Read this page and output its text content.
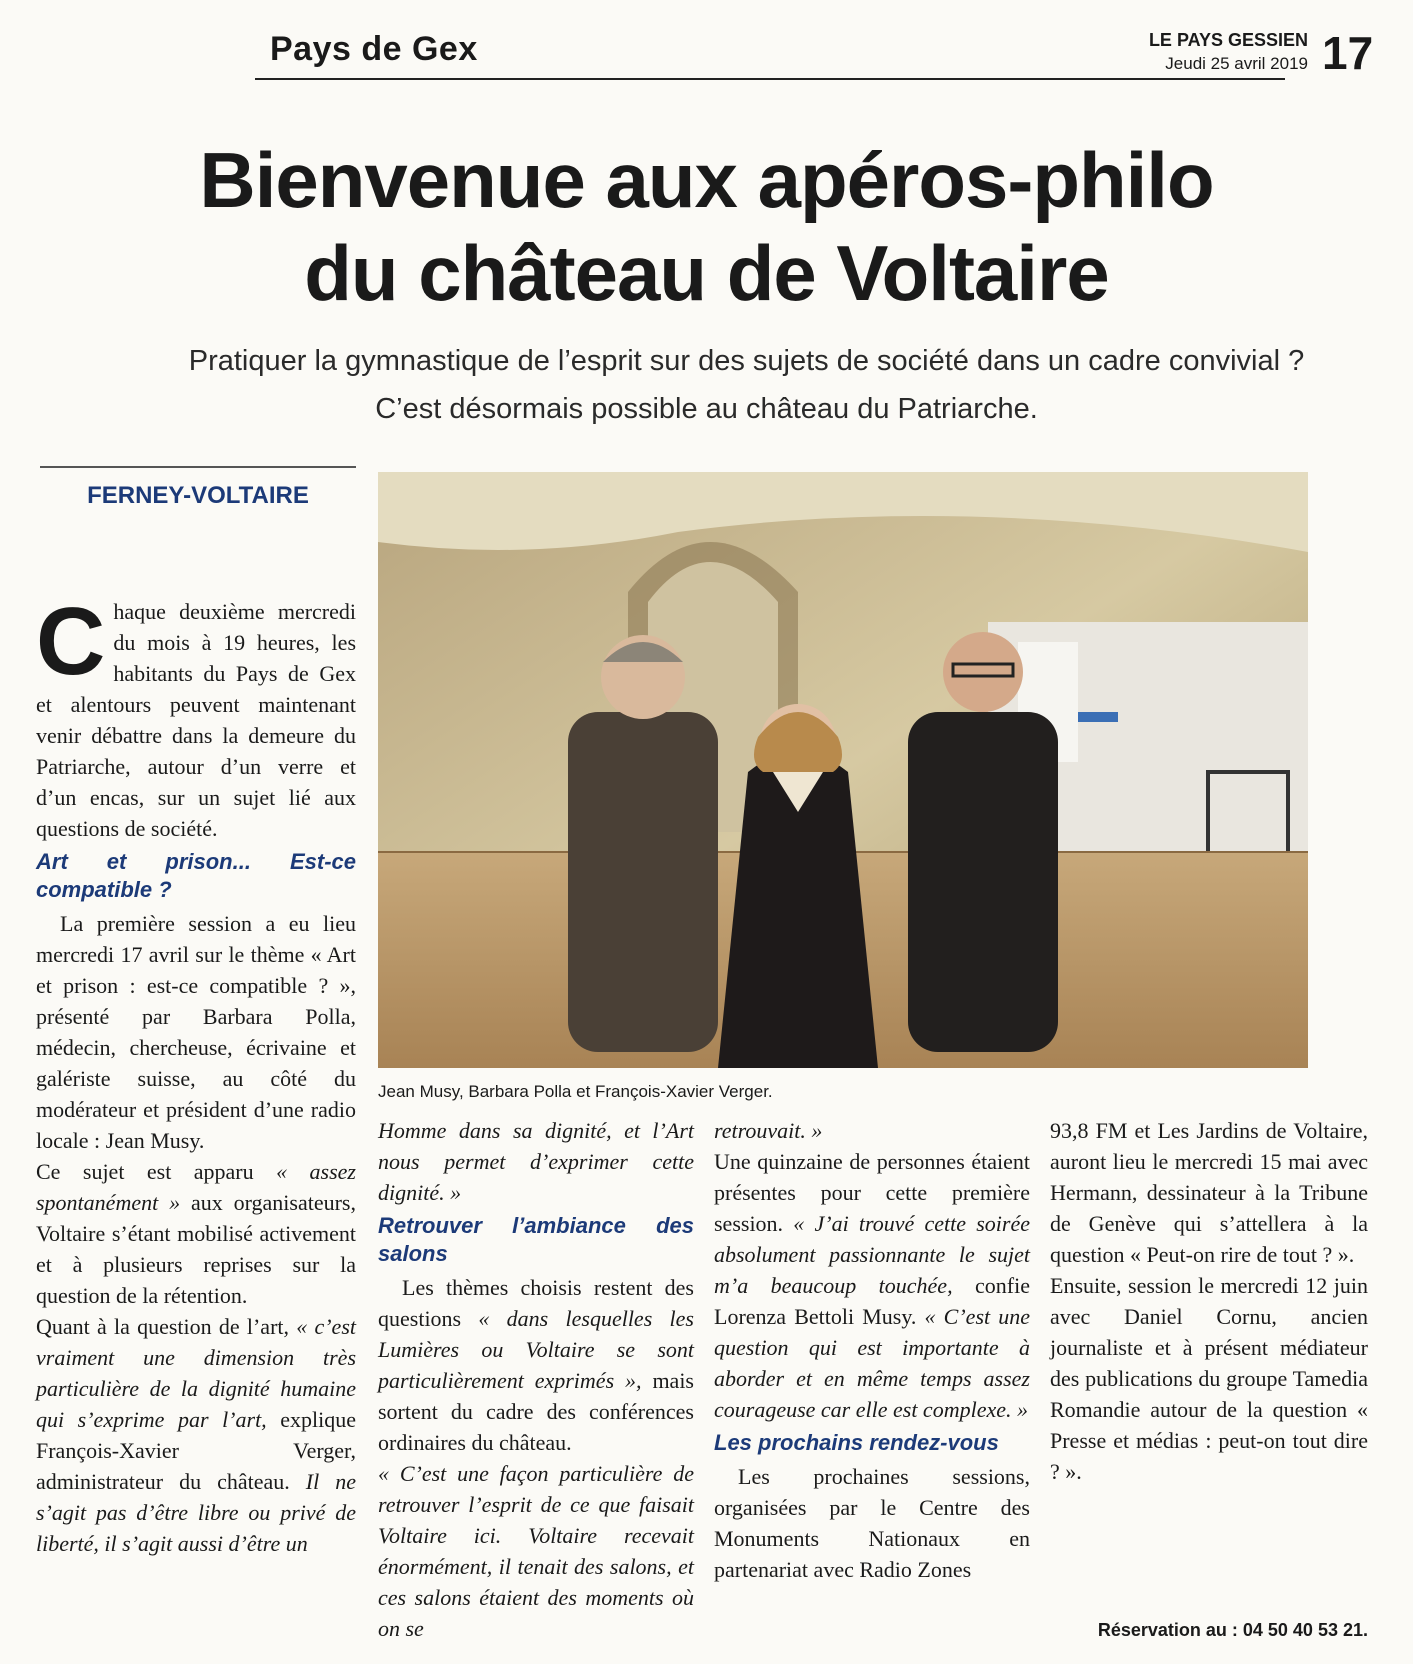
Pays de Gex	LE PAYS GESSIEN
Jeudi 25 avril 2019 17
Bienvenue aux apéros-philo
du château de Voltaire
Pratiquer la gymnastique de l’esprit sur des sujets de société dans un cadre convivial ?
C’est désormais possible au château du Patriarche.
FERNEY-VOLTAIRE
Jean Musy, Barbara Polla et François-Xavier Verger.
C haque deuxième mercredi du mois à 19 heures, les habitants du Pays de Gex et alentours peuvent maintenant venir débattre dans la demeure du Patriarche, autour d’un verre et d’un encas, sur un sujet lié aux questions de société.

Art et prison... Est-ce compatible ?

La première session a eu lieu mercredi 17 avril sur le thème « Art et prison : est-ce compatible ? », présenté par Barbara Polla, médecin, chercheuse, écrivaine et galériste suisse, au côté du modérateur et président d’une radio locale : Jean Musy.

Ce sujet est apparu « assez spontanément » aux organisateurs, Voltaire s’étant mobilisé activement et à plusieurs reprises sur la question de la rétention.

Quant à la question de l’art, « c’est vraiment une dimension très particulière de la dignité humaine qui s’exprime par l’art, explique François-Xavier Verger, administrateur du château. Il ne s’agit pas d’être libre ou privé de liberté, il s’agit aussi d’être un

Homme dans sa dignité, et l’Art nous permet d’exprimer cette dignité. »

Retrouver l’ambiance des salons

Les thèmes choisis restent des questions « dans lesquelles les Lumières ou Voltaire se sont particulièrement exprimés », mais sortent du cadre des conférences ordinaires du château.

« C’est une façon particulière de retrouver l’esprit de ce que faisait Voltaire ici. Voltaire recevait énormément, il tenait des salons, et ces salons étaient des moments où on se

retrouvait. »

Une quinzaine de personnes étaient présentes pour cette première session. « J’ai trouvé cette soirée absolument passionnante le sujet m’a beaucoup touchée, confie Lorenza Bettoli Musy. « C’est une question qui est importante à aborder et en même temps assez courageuse car elle est complexe. »

Les prochains rendez-vous

Les prochaines sessions, organisées par le Centre des Monuments Nationaux en partenariat avec Radio Zones

93,8 FM et Les Jardins de Voltaire, auront lieu le mercredi 15 mai avec Hermann, dessinateur à la Tribune de Genève qui s’attellera à la question « Peut-on rire de tout ? ».

Ensuite, session le mercredi 12 juin avec Daniel Cornu, ancien journaliste et à présent médiateur des publications du groupe Tamedia Romandie autour de la question « Presse et médias : peut-on tout dire ? ».

Réservation au : 04 50 40 53 21.
